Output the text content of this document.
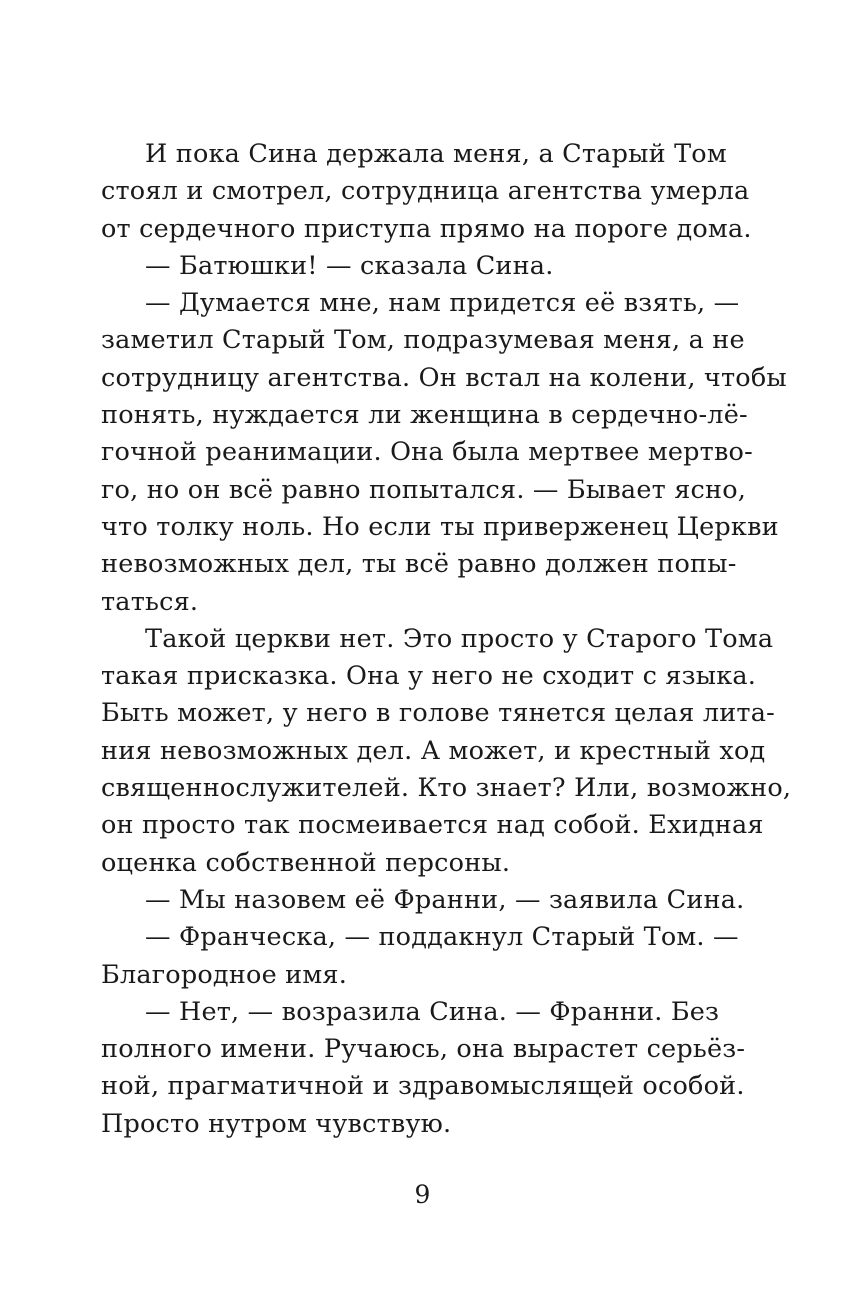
И пока Сина держала меня, а Старый Том
стоял и смотрел, сотрудница агентства умерла
от сердечного приступа прямо на пороге дома.
— Батюшки! — сказала Сина.
— Думается мне, нам придется её взять, —
заметил Старый Том, подразумевая меня, а не
сотрудницу агентства. Он встал на колени, чтобы
понять, нуждается ли женщина в сердечно-лё-
гочной реанимации. Она была мертвее мертво-
го, но он всё равно попытался. — Бывает ясно,
что толку ноль. Но если ты приверженец Церкви
невозможных дел, ты всё равно должен попы-
таться.
Такой церкви нет. Это просто у Старого Тома
такая присказка. Она у него не сходит с языка.
Быть может, у него в голове тянется целая лита-
ния невозможных дел. А может, и крестный ход
священнослужителей. Кто знает? Или, возможно,
он просто так посмеивается над собой. Ехидная
оценка собственной персоны.
— Мы назовем её Франни, — заявила Сина.
— Франческа, — поддакнул Старый Том. —
Благородное имя.
— Нет, — возразила Сина. — Франни. Без
полного имени. Ручаюсь, она вырастет серьёз-
ной, прагматичной и здравомыслящей особой.
Просто нутром чувствую.
9
